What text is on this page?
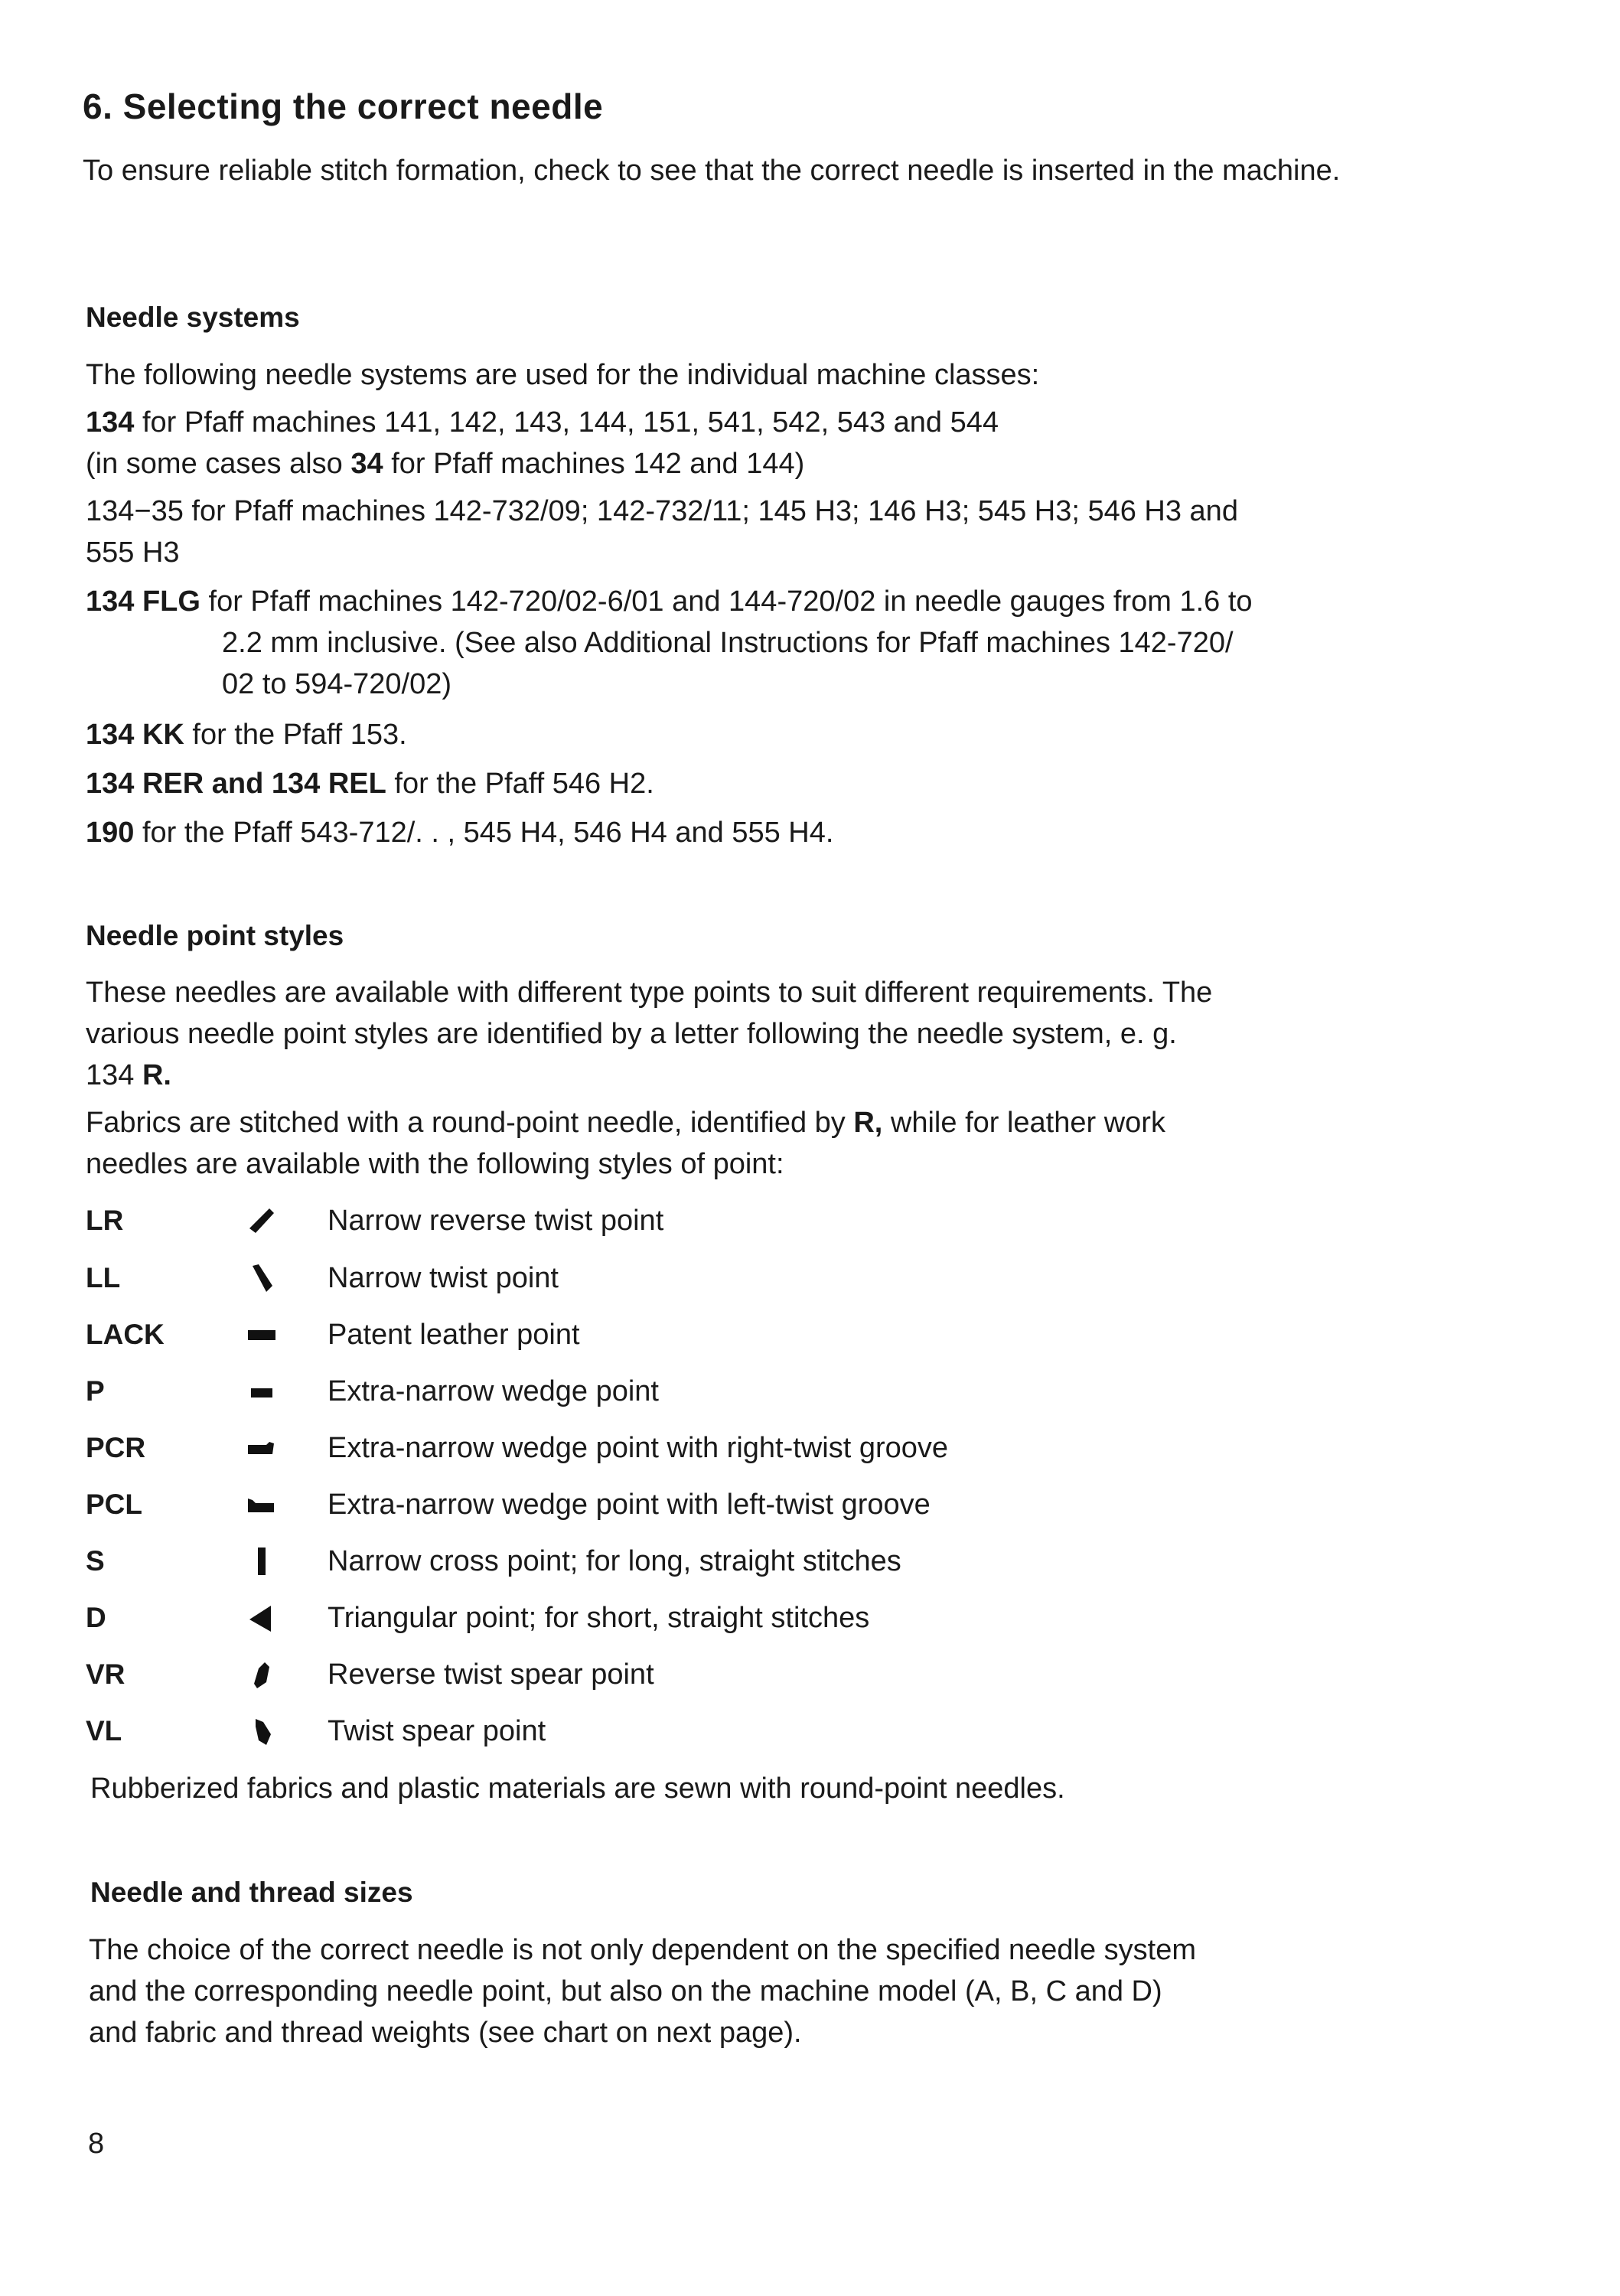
6. Selecting the correct needle
To ensure reliable stitch formation, check to see that the correct needle is inserted in the machine.
Needle systems
The following needle systems are used for the individual machine classes:
134 for Pfaff machines 141, 142, 143, 144, 151, 541, 542, 543 and 544
(in some cases also 34 for Pfaff machines 142 and 144)
134−35 for Pfaff machines 142-732/09; 142-732/11; 145 H3; 146 H3; 545 H3; 546 H3 and
555 H3
134 FLG for Pfaff machines 142-720/02-6/01 and 144-720/02 in needle gauges from 1.6 to
2.2 mm inclusive. (See also Additional Instructions for Pfaff machines 142-720/
02 to 594-720/02)
134 KK for the Pfaff 153.
134 RER and 134 REL for the Pfaff 546 H2.
190 for the Pfaff 543-712/. . , 545 H4, 546 H4 and 555 H4.
Needle point styles
These needles are available with different type points to suit different requirements. The
various needle point styles are identified by a letter following the needle system, e. g.
134 R.
Fabrics are stitched with a round-point needle, identified by R, while for leather work
needles are available with the following styles of point:
LR	Narrow reverse twist point
LL	Narrow twist point
LACK	Patent leather point
P	Extra-narrow wedge point
PCR	Extra-narrow wedge point with right-twist groove
PCL	Extra-narrow wedge point with left-twist groove
S	Narrow cross point; for long, straight stitches
D	Triangular point; for short, straight stitches
VR	Reverse twist spear point
VL	Twist spear point
Rubberized fabrics and plastic materials are sewn with round-point needles.
Needle and thread sizes
The choice of the correct needle is not only dependent on the specified needle system
and the corresponding needle point, but also on the machine model (A, B, C and D)
and fabric and thread weights (see chart on next page).
8
